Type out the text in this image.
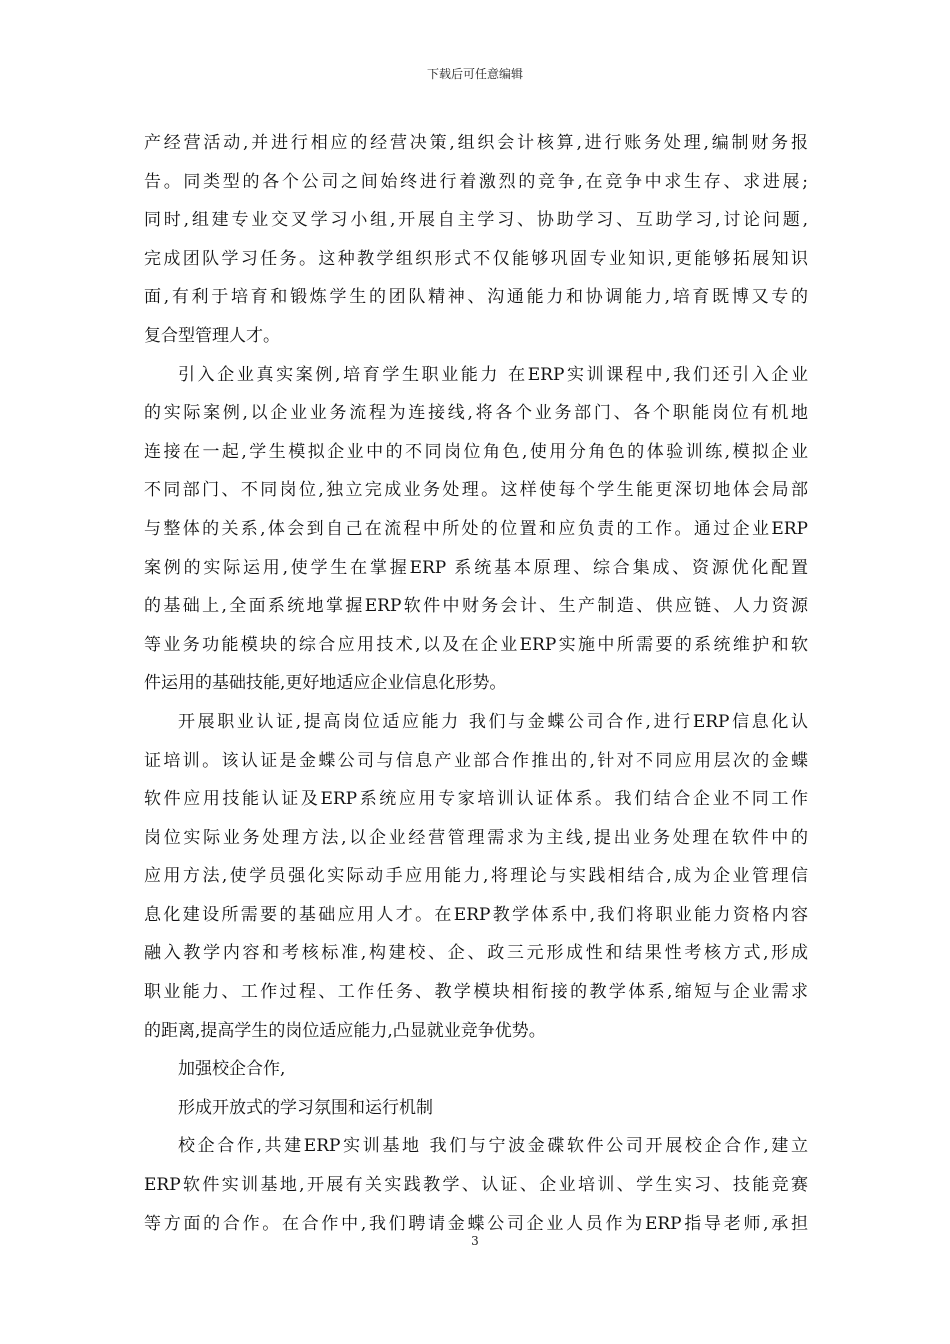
下载后可任意编辑
产经营活动,并进行相应的经营决策,组织会计核算,进行账务处理,编制财务报
告。同类型的各个公司之间始终进行着激烈的竞争,在竞争中求生存、求进展;
同时,组建专业交叉学习小组,开展自主学习、协助学习、互助学习,讨论问题,
完成团队学习任务。这种教学组织形式不仅能够巩固专业知识,更能够拓展知识
面,有利于培育和锻炼学生的团队精神、沟通能力和协调能力,培育既博又专的
复合型管理人才。
引入企业真实案例,培育学生职业能力 在ERP实训课程中,我们还引入企业
的实际案例,以企业业务流程为连接线,将各个业务部门、各个职能岗位有机地
连接在一起,学生模拟企业中的不同岗位角色,使用分角色的体验训练,模拟企业
不同部门、不同岗位,独立完成业务处理。这样使每个学生能更深切地体会局部
与整体的关系,体会到自己在流程中所处的位置和应负责的工作。通过企业ERP
案例的实际运用,使学生在掌握ERP 系统基本原理、综合集成、资源优化配置
的基础上,全面系统地掌握ERP软件中财务会计、生产制造、供应链、人力资源
等业务功能模块的综合应用技术,以及在企业ERP实施中所需要的系统维护和软
件运用的基础技能,更好地适应企业信息化形势。
开展职业认证,提高岗位适应能力 我们与金蝶公司合作,进行ERP信息化认
证培训。该认证是金蝶公司与信息产业部合作推出的,针对不同应用层次的金蝶
软件应用技能认证及ERP系统应用专家培训认证体系。我们结合企业不同工作
岗位实际业务处理方法,以企业经营管理需求为主线,提出业务处理在软件中的
应用方法,使学员强化实际动手应用能力,将理论与实践相结合,成为企业管理信
息化建设所需要的基础应用人才。在ERP教学体系中,我们将职业能力资格内容
融入教学内容和考核标准,构建校、企、政三元形成性和结果性考核方式,形成
职业能力、工作过程、工作任务、教学模块相衔接的教学体系,缩短与企业需求
的距离,提高学生的岗位适应能力,凸显就业竞争优势。
加强校企合作,
形成开放式的学习氛围和运行机制
校企合作,共建ERP实训基地 我们与宁波金碟软件公司开展校企合作,建立
ERP软件实训基地,开展有关实践教学、认证、企业培训、学生实习、技能竞赛
等方面的合作。在合作中,我们聘请金蝶公司企业人员作为ERP指导老师,承担
3
